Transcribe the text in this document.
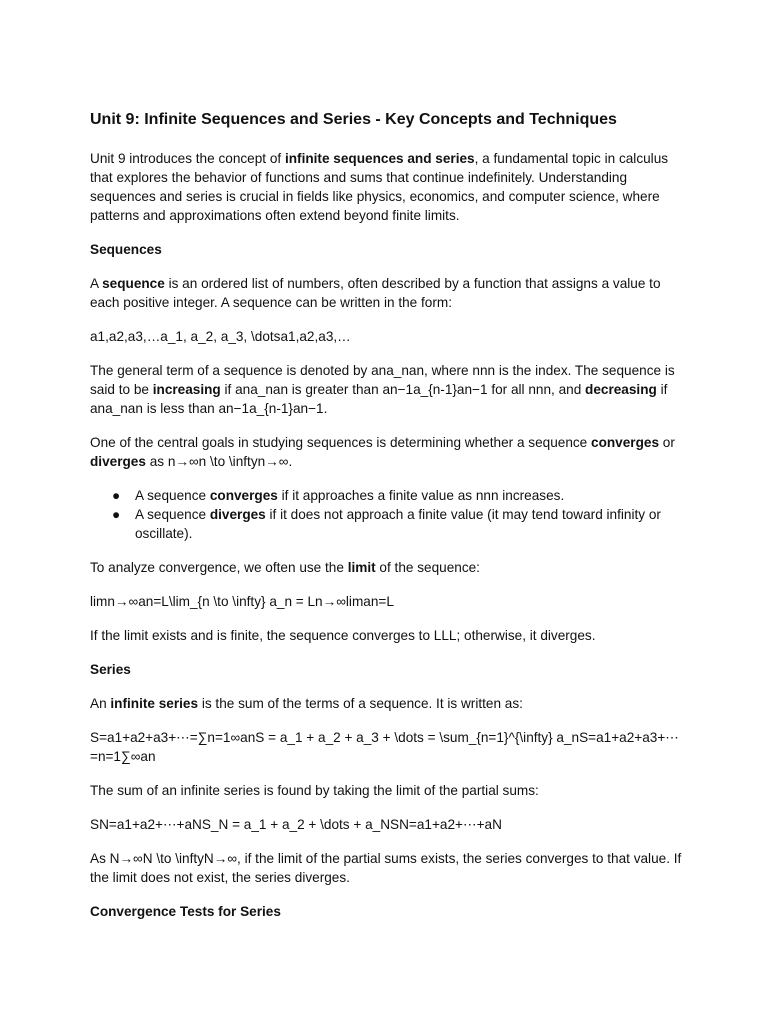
Unit 9: Infinite Sequences and Series - Key Concepts and Techniques

Unit 9 introduces the concept of infinite sequences and series, a fundamental topic in calculus that explores the behavior of functions and sums that continue indefinitely. Understanding sequences and series is crucial in fields like physics, economics, and computer science, where patterns and approximations often extend beyond finite limits.

Sequences

A sequence is an ordered list of numbers, often described by a function that assigns a value to each positive integer. A sequence can be written in the form:

a1,a2,a3,…a_1, a_2, a_3, \dotsa1,a2,a3,…

The general term of a sequence is denoted by ana_nan, where nnn is the index. The sequence is said to be increasing if ana_nan is greater than an−1a_{n-1}an−1 for all nnn, and decreasing if ana_nan is less than an−1a_{n-1}an−1.

One of the central goals in studying sequences is determining whether a sequence converges or diverges as n→∞n \to \inftyn→∞.

● A sequence converges if it approaches a finite value as nnn increases.
● A sequence diverges if it does not approach a finite value (it may tend toward infinity or oscillate).

To analyze convergence, we often use the limit of the sequence:

limn→∞an=L\lim_{n \to \infty} a_n = Ln→∞liman=L

If the limit exists and is finite, the sequence converges to LLL; otherwise, it diverges.

Series

An infinite series is the sum of the terms of a sequence. It is written as:

S=a1+a2+a3+⋯=∑n=1∞anS = a_1 + a_2 + a_3 + \dots = \sum_{n=1}^{\infty} a_nS=a1+a2+a3+⋯=n=1∑∞an

The sum of an infinite series is found by taking the limit of the partial sums:

SN=a1+a2+⋯+aNS_N = a_1 + a_2 + \dots + a_NSN=a1+a2+⋯+aN

As N→∞N \to \inftyN→∞, if the limit of the partial sums exists, the series converges to that value. If the limit does not exist, the series diverges.

Convergence Tests for Series
